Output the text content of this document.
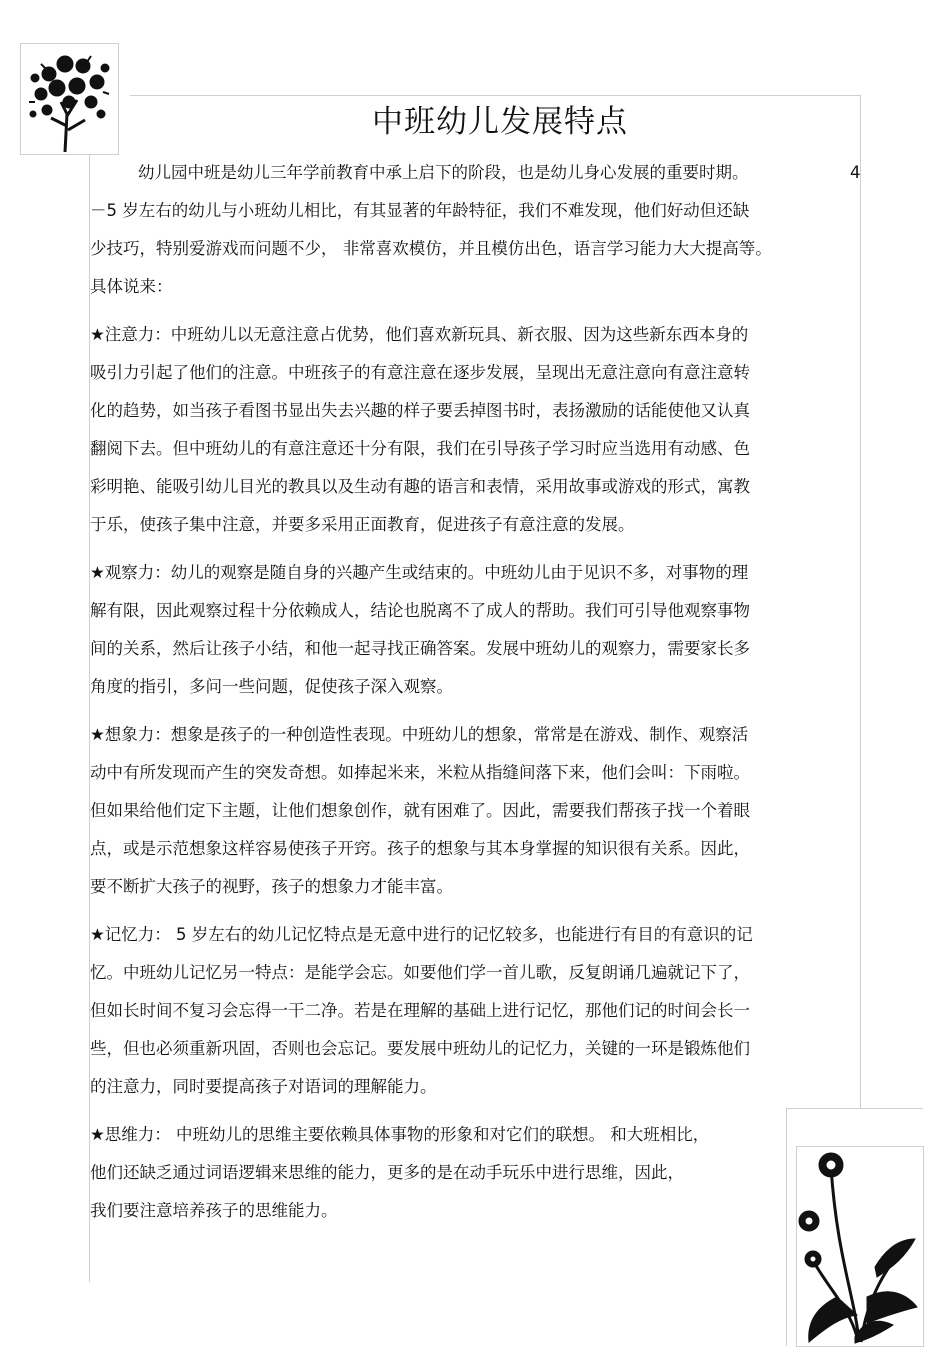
中班幼儿发展特点
4
幼儿园中班是幼儿三年学前教育中承上启下的阶段，也是幼儿身心发展的重要时期。
－5 岁左右的幼儿与小班幼儿相比，有其显著的年龄特征，我们不难发现，他们好动但还缺
少技巧，特别爱游戏而问题不少， 非常喜欢模仿，并且模仿出色，语言学习能力大大提高等。
具体说来：
★注意力：中班幼儿以无意注意占优势，他们喜欢新玩具、新衣服、因为这些新东西本身的
吸引力引起了他们的注意。中班孩子的有意注意在逐步发展，呈现出无意注意向有意注意转
化的趋势，如当孩子看图书显出失去兴趣的样子要丢掉图书时，表扬激励的话能使他又认真
翻阅下去。但中班幼儿的有意注意还十分有限，我们在引导孩子学习时应当选用有动感、色
彩明艳、能吸引幼儿目光的教具以及生动有趣的语言和表情，采用故事或游戏的形式，寓教
于乐，使孩子集中注意，并要多采用正面教育，促进孩子有意注意的发展。
★观察力：幼儿的观察是随自身的兴趣产生或结束的。中班幼儿由于见识不多，对事物的理
解有限，因此观察过程十分依赖成人，结论也脱离不了成人的帮助。我们可引导他观察事物
间的关系，然后让孩子小结，和他一起寻找正确答案。发展中班幼儿的观察力，需要家长多
角度的指引，多问一些问题，促使孩子深入观察。
★想象力：想象是孩子的一种创造性表现。中班幼儿的想象，常常是在游戏、制作、观察活
动中有所发现而产生的突发奇想。如捧起米来，米粒从指缝间落下来，他们会叫：下雨啦。
但如果给他们定下主题，让他们想象创作，就有困难了。因此，需要我们帮孩子找一个着眼
点，或是示范想象这样容易使孩子开窍。孩子的想象与其本身掌握的知识很有关系。因此，
要不断扩大孩子的视野，孩子的想象力才能丰富。
★记忆力： 5 岁左右的幼儿记忆特点是无意中进行的记忆较多，也能进行有目的有意识的记
忆。中班幼儿记忆另一特点：是能学会忘。如要他们学一首儿歌，反复朗诵几遍就记下了，
但如长时间不复习会忘得一干二净。若是在理解的基础上进行记忆，那他们记的时间会长一
些，但也必须重新巩固，否则也会忘记。要发展中班幼儿的记忆力，关键的一环是锻炼他们
的注意力，同时要提高孩子对语词的理解能力。
★思维力： 中班幼儿的思维主要依赖具体事物的形象和对它们的联想。 和大班相比，
他们还缺乏通过词语逻辑来思维的能力，更多的是在动手玩乐中进行思维，因此，
我们要注意培养孩子的思维能力。
